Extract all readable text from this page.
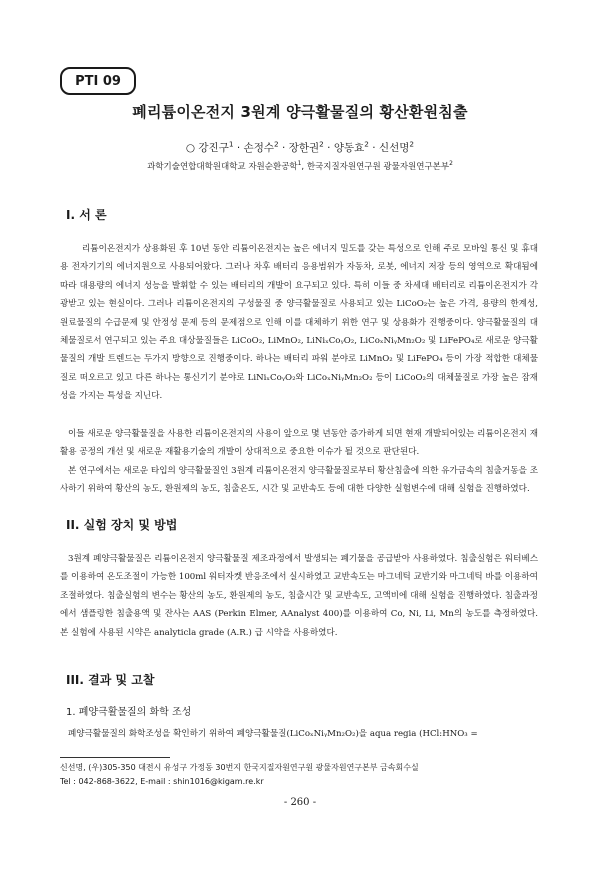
PTI 09
폐리튬이온전지 3원계 양극활물질의 황산환원침출
○ 강진구$^1$ · 손정수$^2$ · 장한권$^2$ · 양동효$^2$ · 신선명$^2$
과학기술연합대학원대학교 자원순환공학$^1$, 한국지질자원연구원 광물자원연구본부$^2$
I. 서 론

리튬이온전지가 상용화된 후 10년 동안 리튬이온전지는 높은 에너지 밀도를 갖는 특성으로 인해 주로 모바일 통신 및 휴대용 전자기기의 에너지원으로 사용되어왔다. 그러나 차후 배터리 응용범위가 자동차, 로봇, 에너지 저장 등의 영역으로 확대됨에 따라 대용량의 에너지 성능을 발휘할 수 있는 배터리의 개발이 요구되고 있다. 특히 이들 중 차세대 배터리로 리튬이온전지가 각광받고 있는 현실이다. 그러나 리튬이온전지의 구성물질 중 양극활물질로 사용되고 있는 LiCoO₂는 높은 가격, 용량의 한계성, 원료물질의 수급문제 및 안정성 문제 등의 문제점으로 인해 이를 대체하기 위한 연구 및 상용화가 진행중이다. 양극활물질의 대체물질로서 연구되고 있는 주요 대상물질들은 LiCoO₂, LiMnO₂, LiNiₓCoᵧO₂, LiCoₓNiᵧMn₂O₂ 및 LiFePO₄로 새로운 양극활물질의 개발 트렌드는 두가지 방향으로 진행중이다. 하나는 배터리 파워 분야로 LiMnO₂ 및 LiFePO₄ 등이 가장 적합한 대체물질로 떠오르고 있고 다른 하나는 통신기기 분야로 LiNiₓCoᵧO₂와 LiCoₓNiᵧMn₂O₂ 등이 LiCoO₂의 대체물질로 가장 높은 잠재성을 가지는 특성을 지닌다.

이들 새로운 양극활물질을 사용한 리튬이온전지의 사용이 앞으로 몇 년동안 증가하게 되면 현재 개발되어있는 리튬이온전지 재활용 공정의 개선 및 새로운 재활용기술의 개발이 상대적으로 중요한 이슈가 될 것으로 판단된다.

본 연구에서는 새로운 타입의 양극활물질인 3원계 리튬이온전지 양극활물질로부터 황산침출에 의한 유가금속의 침출거동을 조사하기 위하여 황산의 농도, 환원제의 농도, 침출온도, 시간 및 교반속도 등에 대한 다양한 실험변수에 대해 실험을 진행하였다.

II. 실험 장치 및 방법

3원계 폐양극활물질은 리튬이온전지 양극활물질 제조과정에서 발생되는 폐기물을 공급받아 사용하였다. 침출실험은 워터베스를 이용하여 온도조절이 가능한 100ml 워터자켓 반응조에서 실시하였고 교반속도는 마그네틱 교반기와 마그네틱 바를 이용하여 조절하였다. 침출실험의 변수는 황산의 농도, 환원제의 농도, 침출시간 및 교반속도, 고액비에 대해 실험을 진행하였다. 침출과정에서 샘플링한 침출용액 및 잔사는 AAS (Perkin Elmer, AAnalyst 400)를 이용하여 Co, Ni, Li, Mn의 농도를 측정하였다. 본 실험에 사용된 시약은 analyticla grade (A.R.) 급 시약을 사용하였다.

III. 결과 및 고찰
1. 폐양극활물질의 화학 조성

폐양극활물질의 화학조성을 확인하기 위하여 폐양극활물질(LiCoₓNiᵧMn₂O₂)을 aqua regia (HCl:HNO₃ =

신선명, (우)305-350 대전시 유성구 가정동 30번지 한국지질자원연구원 광물자원연구본부 금속회수실
Tel : 042-868-3622, E-mail : shin1016@kigam.re.kr
- 260 -
